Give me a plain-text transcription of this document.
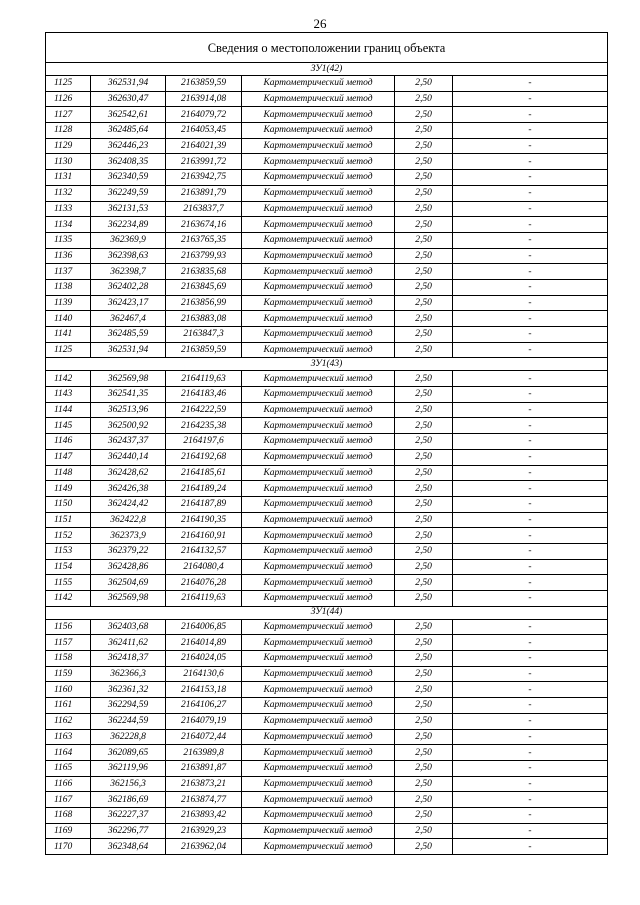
26
Сведения о местоположении границ объекта					
ЗУ1(42)					
1125	362531,94	2163859,59	Картометрический метод	2,50	-
1126	362630,47	2163914,08	Картометрический метод	2,50	-
1127	362542,61	2164079,72	Картометрический метод	2,50	-
1128	362485,64	2164053,45	Картометрический метод	2,50	-
1129	362446,23	2164021,39	Картометрический метод	2,50	-
1130	362408,35	2163991,72	Картометрический метод	2,50	-
1131	362340,59	2163942,75	Картометрический метод	2,50	-
1132	362249,59	2163891,79	Картометрический метод	2,50	-
1133	362131,53	2163837,7	Картометрический метод	2,50	-
1134	362234,89	2163674,16	Картометрический метод	2,50	-
1135	362369,9	2163765,35	Картометрический метод	2,50	-
1136	362398,63	2163799,93	Картометрический метод	2,50	-
1137	362398,7	2163835,68	Картометрический метод	2,50	-
1138	362402,28	2163845,69	Картометрический метод	2,50	-
1139	362423,17	2163856,99	Картометрический метод	2,50	-
1140	362467,4	2163883,08	Картометрический метод	2,50	-
1141	362485,59	2163847,3	Картометрический метод	2,50	-
1125	362531,94	2163859,59	Картометрический метод	2,50	-
ЗУ1(43)					
1142	362569,98	2164119,63	Картометрический метод	2,50	-
1143	362541,35	2164183,46	Картометрический метод	2,50	-
1144	362513,96	2164222,59	Картометрический метод	2,50	-
1145	362500,92	2164235,38	Картометрический метод	2,50	-
1146	362437,37	2164197,6	Картометрический метод	2,50	-
1147	362440,14	2164192,68	Картометрический метод	2,50	-
1148	362428,62	2164185,61	Картометрический метод	2,50	-
1149	362426,38	2164189,24	Картометрический метод	2,50	-
1150	362424,42	2164187,89	Картометрический метод	2,50	-
1151	362422,8	2164190,35	Картометрический метод	2,50	-
1152	362373,9	2164160,91	Картометрический метод	2,50	-
1153	362379,22	2164132,57	Картометрический метод	2,50	-
1154	362428,86	2164080,4	Картометрический метод	2,50	-
1155	362504,69	2164076,28	Картометрический метод	2,50	-
1142	362569,98	2164119,63	Картометрический метод	2,50	-
ЗУ1(44)					
1156	362403,68	2164006,85	Картометрический метод	2,50	-
1157	362411,62	2164014,89	Картометрический метод	2,50	-
1158	362418,37	2164024,05	Картометрический метод	2,50	-
1159	362366,3	2164130,6	Картометрический метод	2,50	-
1160	362361,32	2164153,18	Картометрический метод	2,50	-
1161	362294,59	2164106,27	Картометрический метод	2,50	-
1162	362244,59	2164079,19	Картометрический метод	2,50	-
1163	362228,8	2164072,44	Картометрический метод	2,50	-
1164	362089,65	2163989,8	Картометрический метод	2,50	-
1165	362119,96	2163891,87	Картометрический метод	2,50	-
1166	362156,3	2163873,21	Картометрический метод	2,50	-
1167	362186,69	2163874,77	Картометрический метод	2,50	-
1168	362227,37	2163893,42	Картометрический метод	2,50	-
1169	362296,77	2163929,23	Картометрический метод	2,50	-
1170	362348,64	2163962,04	Картометрический метод	2,50	-
